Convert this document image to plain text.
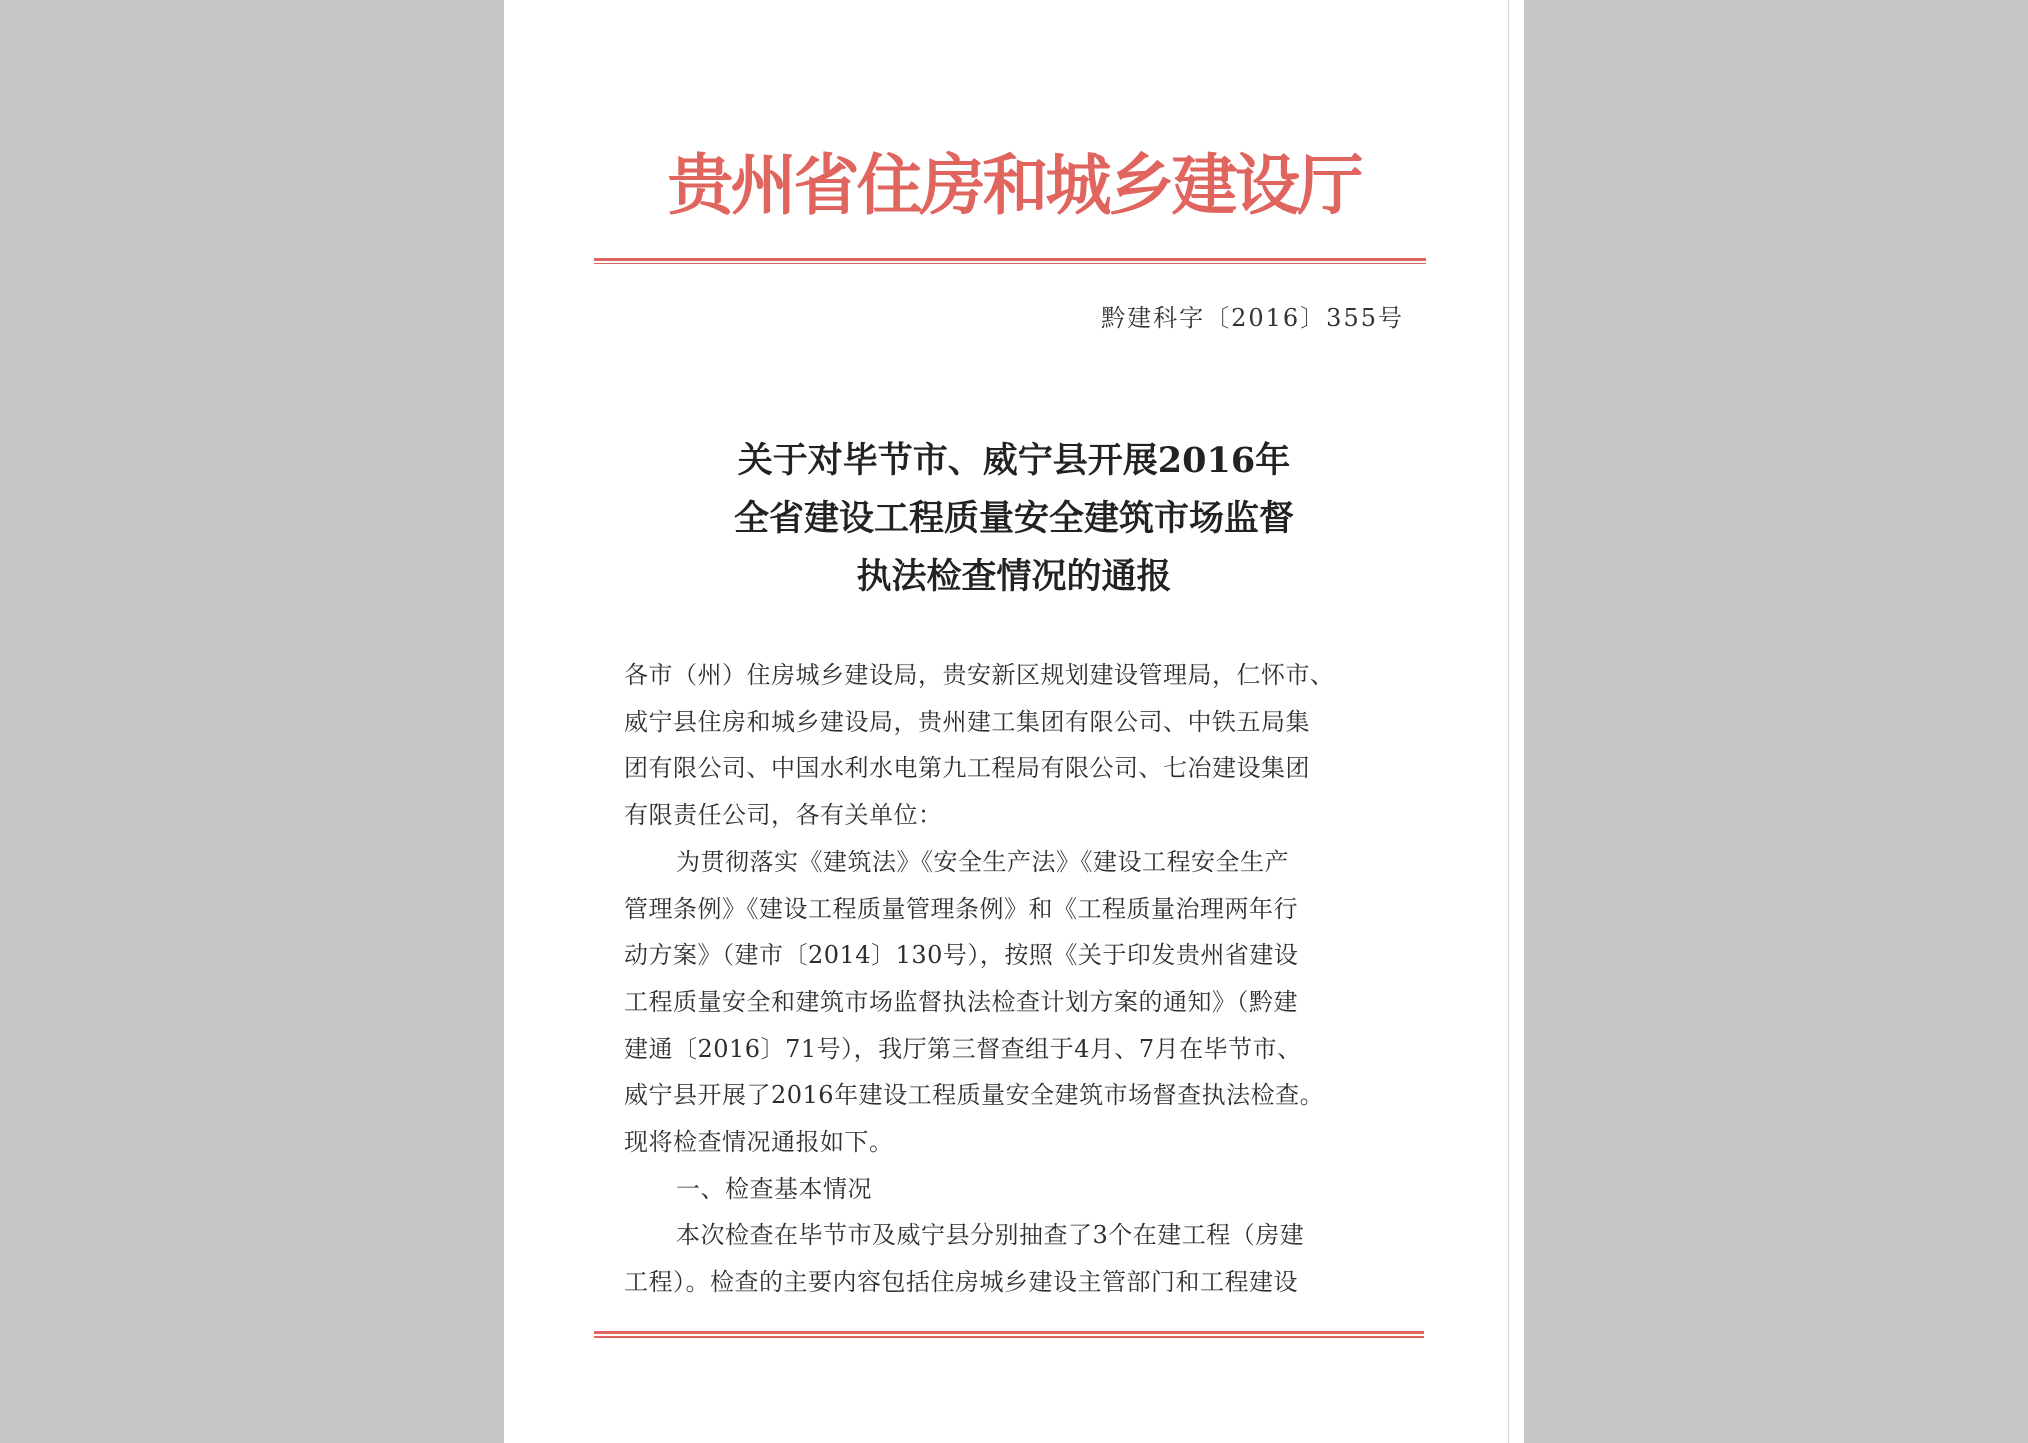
贵州省住房和城乡建设厅
黔建科字〔2016〕355号
关于对毕节市、威宁县开展2016年
全省建设工程质量安全建筑市场监督
执法检查情况的通报
各市（州）住房城乡建设局，贵安新区规划建设管理局，仁怀市、
威宁县住房和城乡建设局，贵州建工集团有限公司、中铁五局集
团有限公司、中国水利水电第九工程局有限公司、七冶建设集团
有限责任公司，各有关单位：
为贯彻落实《建筑法》《安全生产法》《建设工程安全生产
管理条例》《建设工程质量管理条例》和《工程质量治理两年行
动方案》（建市〔2014〕130号），按照《关于印发贵州省建设
工程质量安全和建筑市场监督执法检查计划方案的通知》（黔建
建通〔2016〕71号），我厅第三督查组于4月、7月在毕节市、
威宁县开展了2016年建设工程质量安全建筑市场督查执法检查。
现将检查情况通报如下。
一、检查基本情况
本次检查在毕节市及威宁县分别抽查了3个在建工程（房建
工程）。检查的主要内容包括住房城乡建设主管部门和工程建设
